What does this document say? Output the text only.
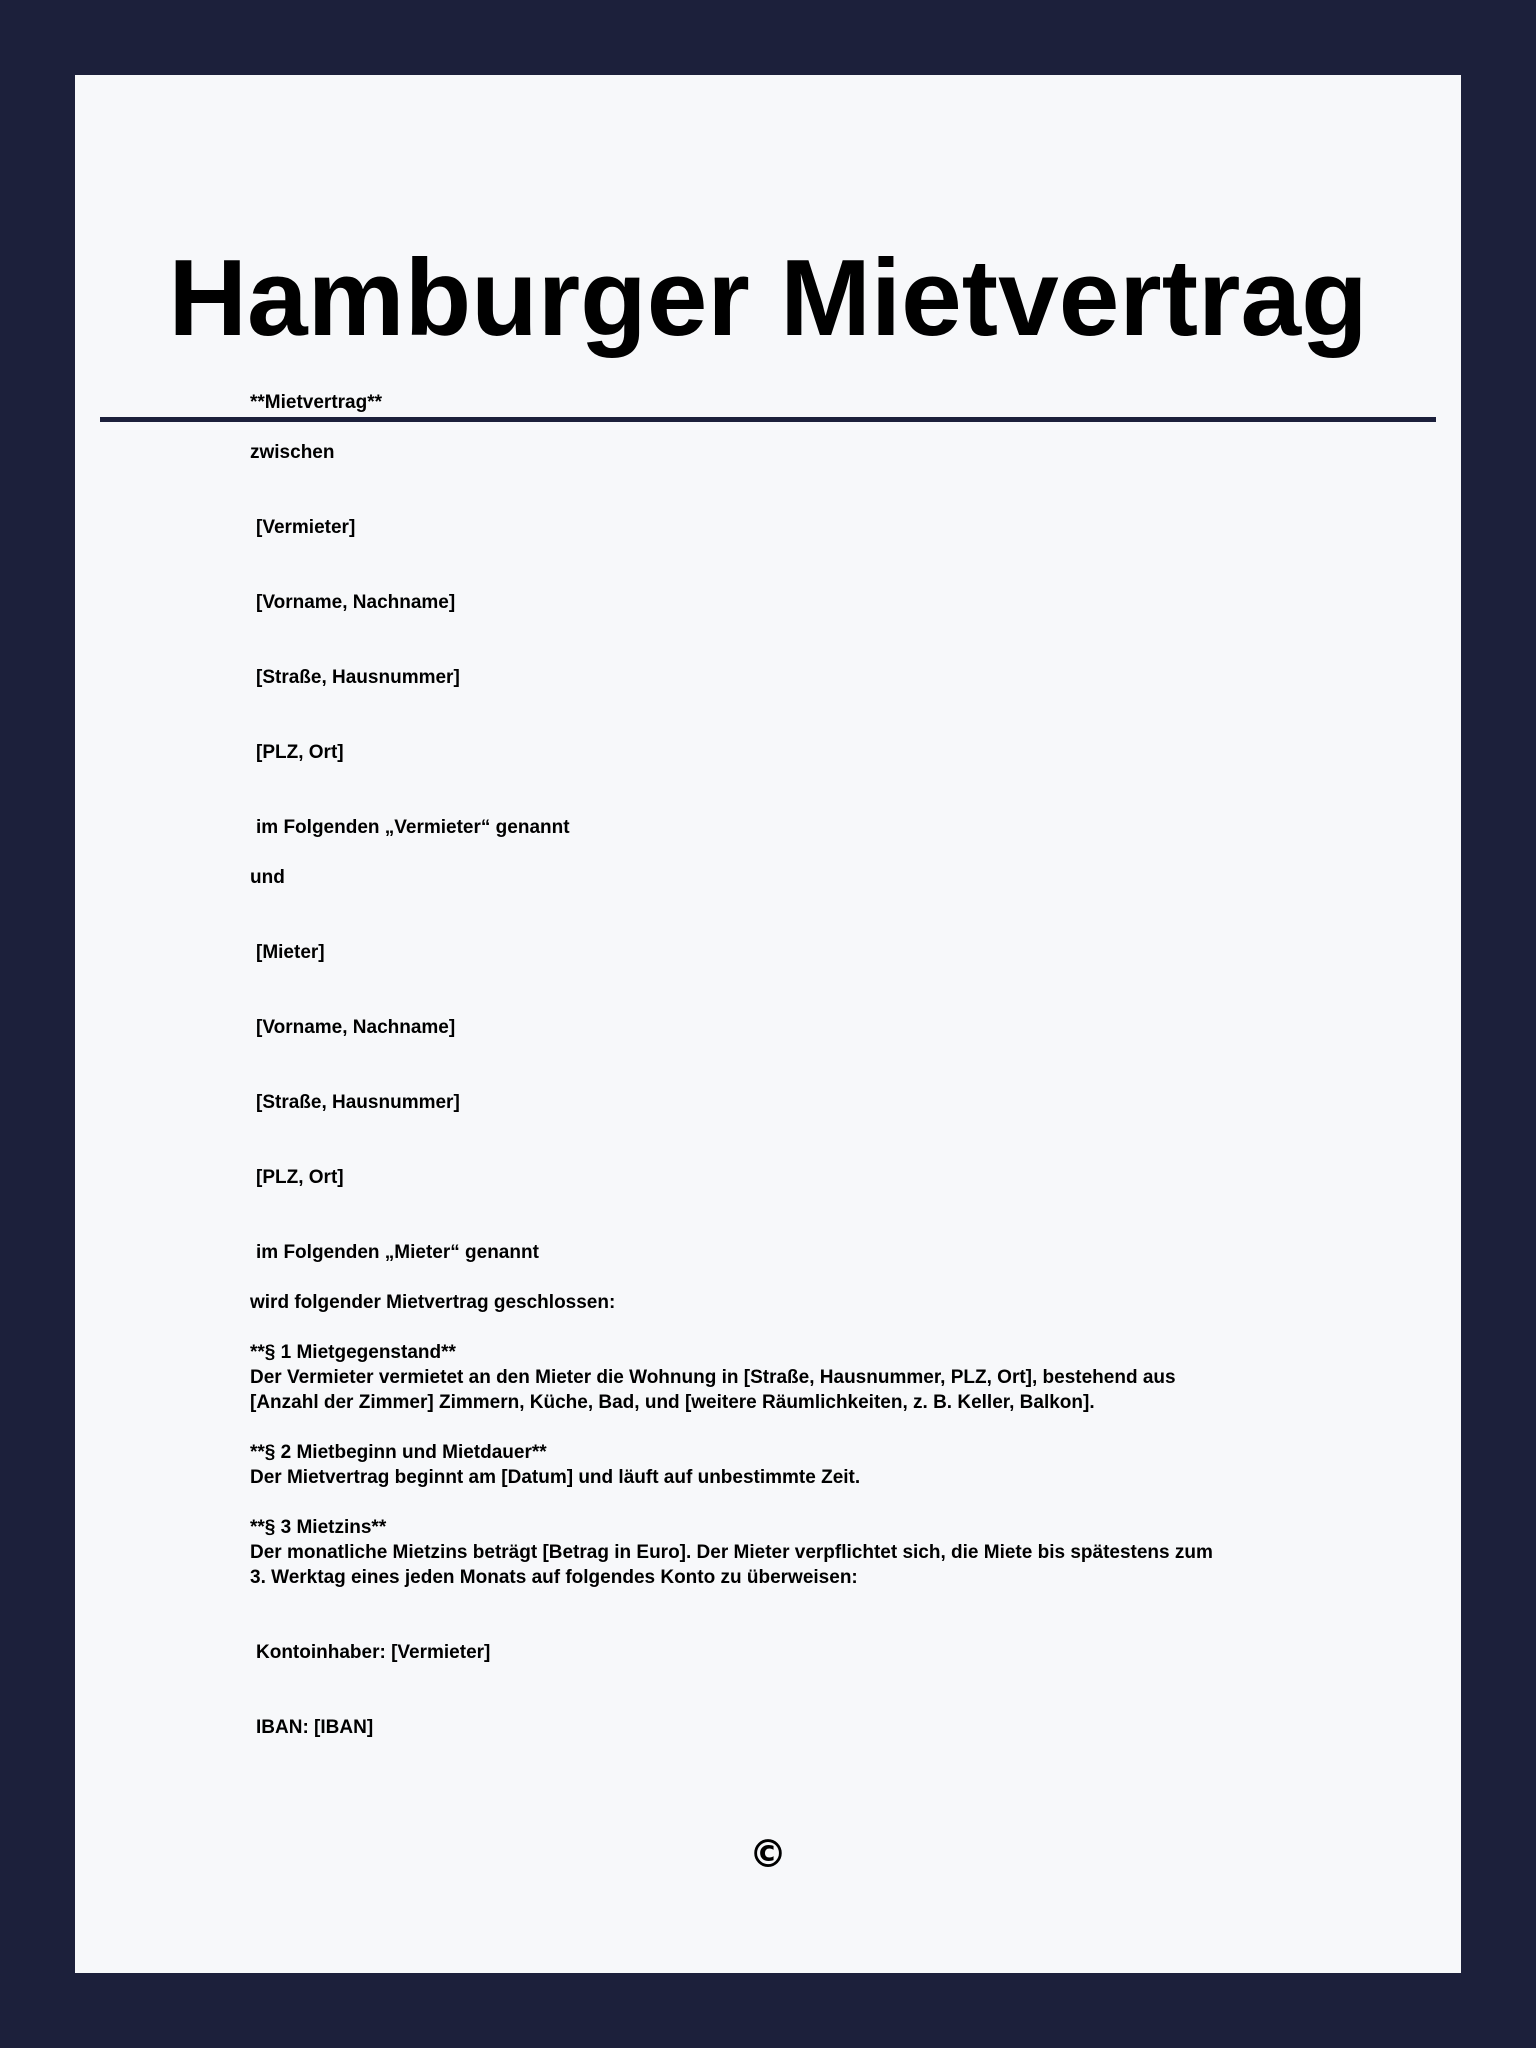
Hamburger Mietvertrag
**Mietvertrag**
zwischen
[Vermieter]
[Vorname, Nachname]
[Straße, Hausnummer]
[PLZ, Ort]
im Folgenden „Vermieter“ genannt
und
[Mieter]
[Vorname, Nachname]
[Straße, Hausnummer]
[PLZ, Ort]
im Folgenden „Mieter“ genannt
wird folgender Mietvertrag geschlossen:
**§ 1 Mietgegenstand**
Der Vermieter vermietet an den Mieter die Wohnung in [Straße, Hausnummer, PLZ, Ort], bestehend aus
[Anzahl der Zimmer] Zimmern, Küche, Bad, und [weitere Räumlichkeiten, z. B. Keller, Balkon].
**§ 2 Mietbeginn und Mietdauer**
Der Mietvertrag beginnt am [Datum] und läuft auf unbestimmte Zeit.
**§ 3 Mietzins**
Der monatliche Mietzins beträgt [Betrag in Euro]. Der Mieter verpflichtet sich, die Miete bis spätestens zum
3. Werktag eines jeden Monats auf folgendes Konto zu überweisen:
Kontoinhaber: [Vermieter]
IBAN: [IBAN]
©
